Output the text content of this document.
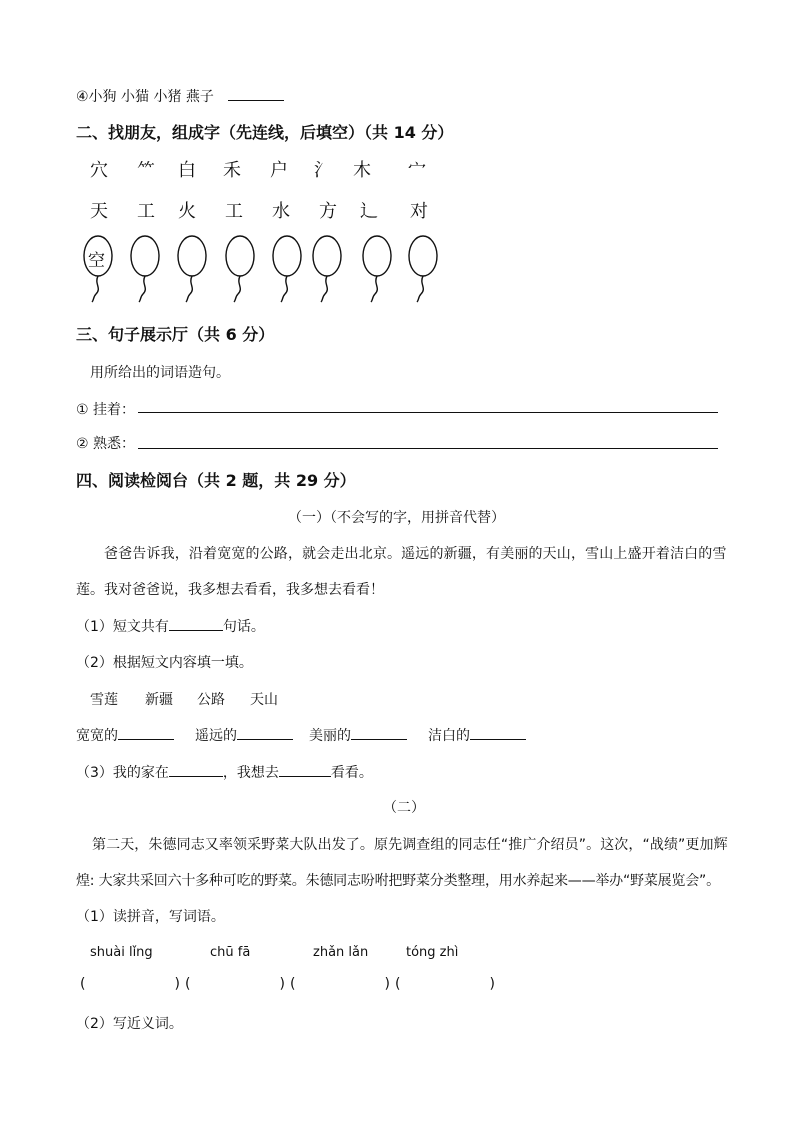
④小狗 小猫 小猪 燕子
二、找朋友，组成字（先连线，后填空）（共 14 分）
穴 ⺮ 白 禾 户 氵 木 宀
天 工 火 工 水 方 辶 对
空
三、句子展示厅（共 6 分）
用所给出的词语造句。
① 挂着：
② 熟悉：
四、阅读检阅台（共 2 题，共 29 分）
（一）（不会写的字，用拼音代替）
爸爸告诉我，沿着宽宽的公路，就会走出北京。遥远的新疆，有美丽的天山，雪山上盛开着洁白的雪
莲。我对爸爸说，我多想去看看，我多想去看看！
（1）短文共有	句话。
（2）根据短文内容填一填。
雪莲 新疆 公路 天山
宽宽的	遥远的	美丽的	洁白的
（3）我的家在	，我想去	看看。
（二）
第二天，朱德同志又率领采野菜大队出发了。原先调查组的同志任“推广介绍员”。这次，“战绩”更加辉
煌: 大家共采回六十多种可吃的野菜。朱德同志吩咐把野菜分类整理，用水养起来——举办“野菜展览会”。
（1）读拼音，写词语。
shuài lǐng	chū fā	zhǎn lǎn	tóng zhì
(                    ) (                    ) (                    ) (                    )
（2）写近义词。
